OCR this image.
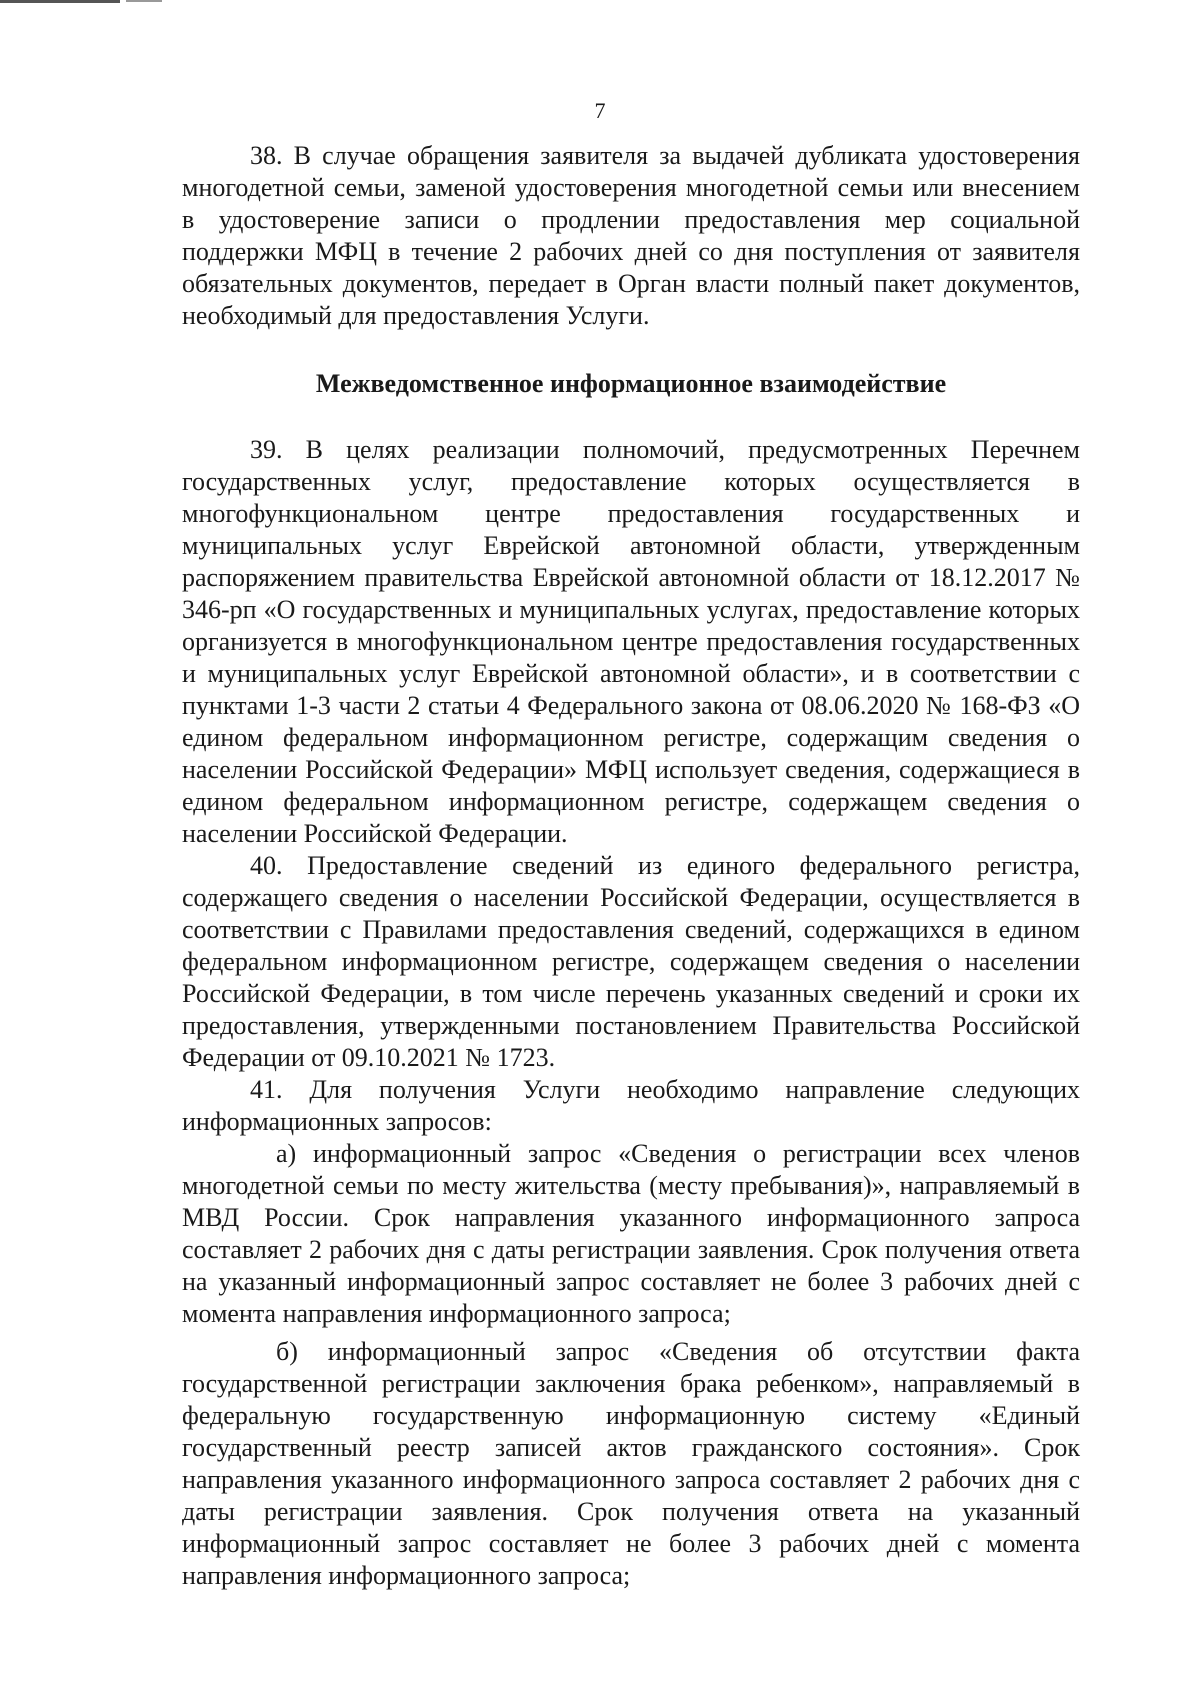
7

38. В случае обращения заявителя за выдачей дубликата удостоверения многодетной семьи, заменой удостоверения многодетной семьи или внесением в удостоверение записи о продлении предоставления мер социальной поддержки МФЦ в течение 2 рабочих дней со дня поступления от заявителя обязательных документов, передает в Орган власти полный пакет документов, необходимый для предоставления Услуги.

Межведомственное информационное взаимодействие

39. В целях реализации полномочий, предусмотренных Перечнем государственных услуг, предоставление которых осуществляется в многофункциональном центре предоставления государственных и муниципальных услуг Еврейской автономной области, утвержденным распоряжением правительства Еврейской автономной области от 18.12.2017 № 346-рп «О государственных и муниципальных услугах, предоставление которых организуется в многофункциональном центре предоставления государственных и муниципальных услуг Еврейской автономной области», и в соответствии с пунктами 1-3 части 2 статьи 4 Федерального закона от 08.06.2020 № 168-ФЗ «О едином федеральном информационном регистре, содержащим сведения о населении Российской Федерации» МФЦ использует сведения, содержащиеся в едином федеральном информационном регистре, содержащем сведения о населении Российской Федерации.

40. Предоставление сведений из единого федерального регистра, содержащего сведения о населении Российской Федерации, осуществляется в соответствии с Правилами предоставления сведений, содержащихся в едином федеральном информационном регистре, содержащем сведения о населении Российской Федерации, в том числе перечень указанных сведений и сроки их предоставления, утвержденными постановлением Правительства Российской Федерации от 09.10.2021 № 1723.

41. Для получения Услуги необходимо направление следующих информационных запросов:

а) информационный запрос «Сведения о регистрации всех членов многодетной семьи по месту жительства (месту пребывания)», направляемый в МВД России. Срок направления указанного информационного запроса составляет 2 рабочих дня с даты регистрации заявления. Срок получения ответа на указанный информационный запрос составляет не более 3 рабочих дней с момента направления информационного запроса;

б) информационный запрос «Сведения об отсутствии факта государственной регистрации заключения брака ребенком», направляемый в федеральную государственную информационную систему «Единый государственный реестр записей актов гражданского состояния». Срок направления указанного информационного запроса составляет 2 рабочих дня с даты регистрации заявления. Срок получения ответа на указанный информационный запрос составляет не более 3 рабочих дней с момента направления информационного запроса;
